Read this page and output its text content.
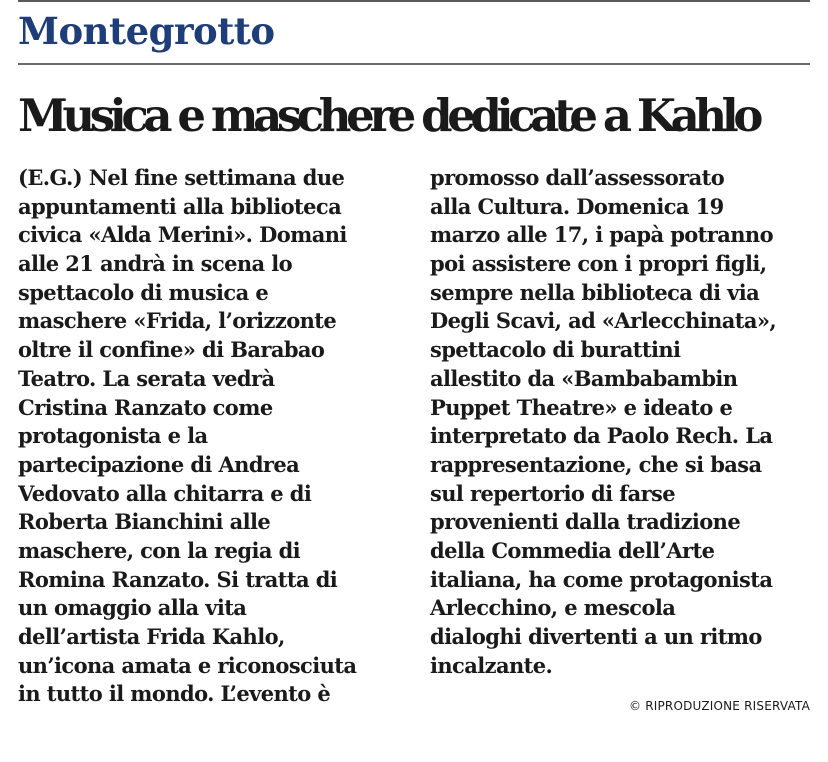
Montegrotto
Musica e maschere dedicate a Kahlo
(E.G.) Nel fine settimana due
appuntamenti alla biblioteca
civica «Alda Merini». Domani
alle 21 andrà in scena lo
spettacolo di musica e
maschere «Frida, l’orizzonte
oltre il confine» di Barabao
Teatro. La serata vedrà
Cristina Ranzato come
protagonista e la
partecipazione di Andrea
Vedovato alla chitarra e di
Roberta Bianchini alle
maschere, con la regia di
Romina Ranzato. Si tratta di
un omaggio alla vita
dell’artista Frida Kahlo,
un’icona amata e riconosciuta
in tutto il mondo. L’evento è
promosso dall’assessorato
alla Cultura. Domenica 19
marzo alle 17, i papà potranno
poi assistere con i propri figli,
sempre nella biblioteca di via
Degli Scavi, ad «Arlecchinata»,
spettacolo di burattini
allestito da «Bambabambin
Puppet Theatre» e ideato e
interpretato da Paolo Rech. La
rappresentazione, che si basa
sul repertorio di farse
provenienti dalla tradizione
della Commedia dell’Arte
italiana, ha come protagonista
Arlecchino, e mescola
dialoghi divertenti a un ritmo
incalzante.
© RIPRODUZIONE RISERVATA
